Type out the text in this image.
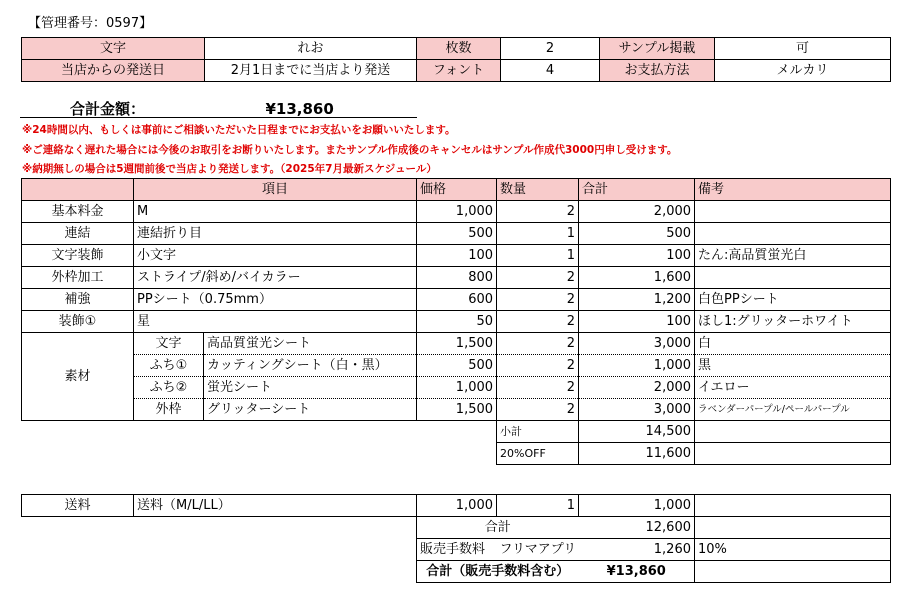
【管理番号：0597】
文字	れお	枚数	2	サンプル掲載	可
当店からの発送日	2月1日までに当店より発送	フォント	4	お支払方法	メルカリ
合計金額：	¥13,860
※24時間以内、もしくは事前にご相談いただいた日程までにお支払いをお願いいたします。
※ご連絡なく遅れた場合には今後のお取引をお断りいたします。またサンプル作成後のキャンセルはサンプル作成代3000円申し受けます。
※納期無しの場合は5週間前後で当店より発送します。（2025年7月最新スケジュール）
	項目		価格	数量	合計	備考
基本料金	M		1,000	2	2,000	
連結	連結折り目		500	1	500	
文字装飾	小文字		100	1	100	たん:高品質蛍光白
外枠加工	ストライプ/斜め/バイカラー		800	2	1,600	
補強	PPシート（0.75mm）		600	2	1,200	白色PPシート
装飾①	星		50	2	100	ほし1:グリッターホワイト
素材	文字	高品質蛍光シート	1,500	2	3,000	白
	ふち①	カッティングシート（白・黒）	500	2	1,000	黒
	ふち②	蛍光シート	1,000	2	2,000	イエロー
	外枠	グリッターシート	1,500	2	3,000	ラベンダーパープル/ペールパープル
				小計	14,500	
				20%OFF	11,600	
送料	送料（M/L/LL）	1,000	1	1,000	
		合計		12,600	
		販売手数料	フリマアプリ	1,260	10%
		合計（販売手数料含む）		¥13,860	
